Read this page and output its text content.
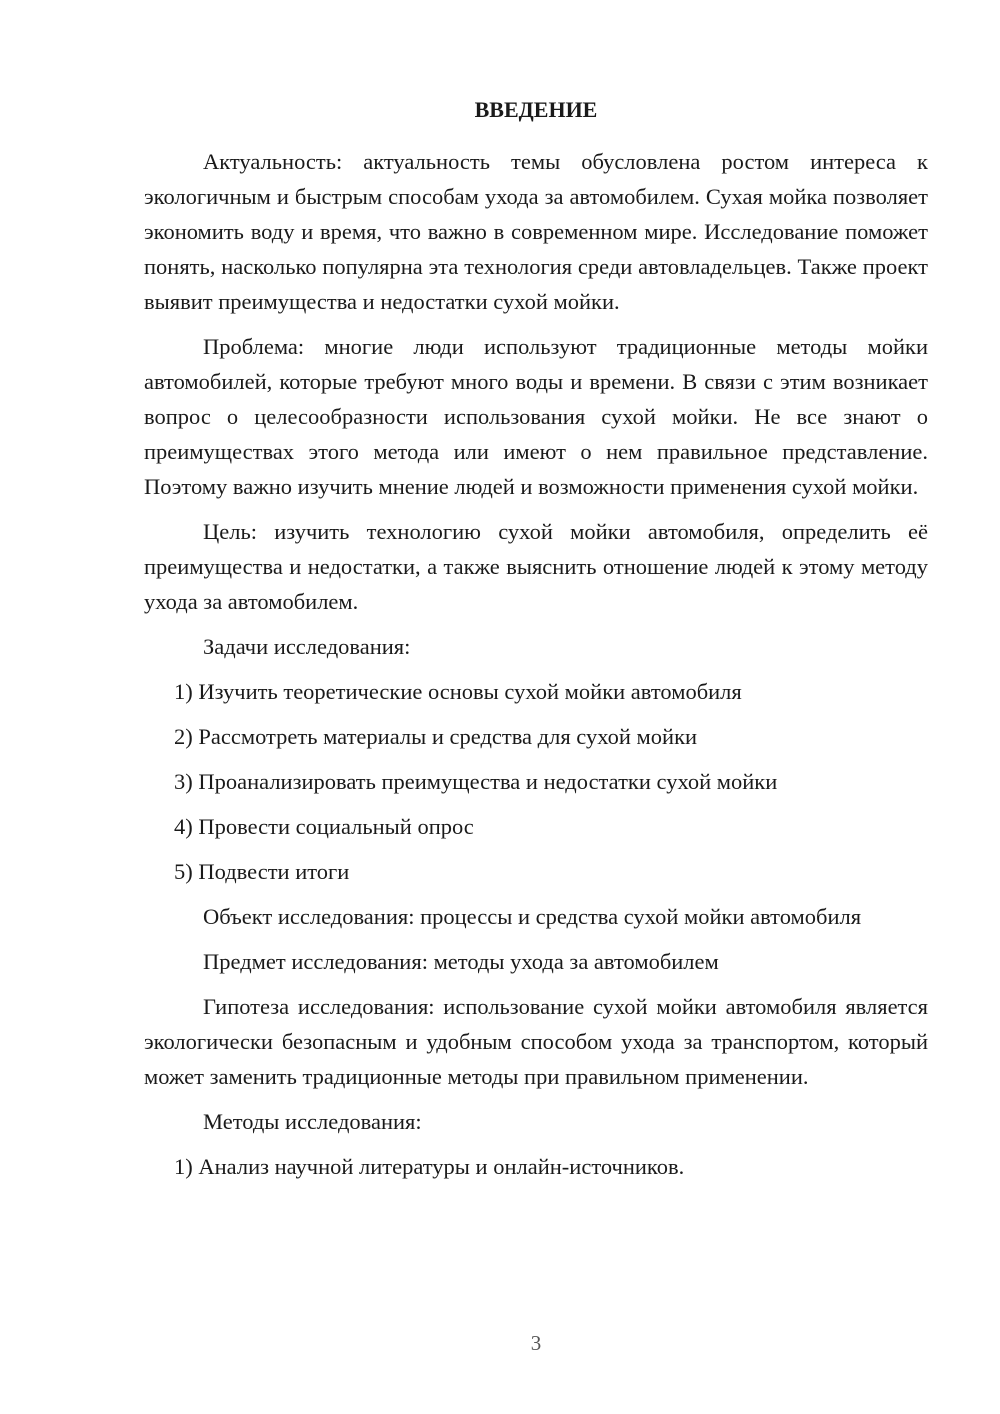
ВВЕДЕНИЕ

Актуальность: актуальность темы обусловлена ростом интереса к экологичным и быстрым способам ухода за автомобилем. Сухая мойка позволяет экономить воду и время, что важно в современном мире. Исследование поможет понять, насколько популярна эта технология среди автовладельцев. Также проект выявит преимущества и недостатки сухой мойки.

Проблема: многие люди используют традиционные методы мойки автомобилей, которые требуют много воды и времени. В связи с этим возникает вопрос о целесообразности использования сухой мойки. Не все знают о преимуществах этого метода или имеют о нем правильное представление. Поэтому важно изучить мнение людей и возможности применения сухой мойки.

Цель: изучить технологию сухой мойки автомобиля, определить её преимущества и недостатки, а также выяснить отношение людей к этому методу ухода за автомобилем.

Задачи исследования:

1) Изучить теоретические основы сухой мойки автомобиля
2) Рассмотреть материалы и средства для сухой мойки
3) Проанализировать преимущества и недостатки сухой мойки
4) Провести социальный опрос
5) Подвести итоги

Объект исследования: процессы и средства сухой мойки автомобиля

Предмет исследования: методы ухода за автомобилем

Гипотеза исследования: использование сухой мойки автомобиля является экологически безопасным и удобным способом ухода за транспортом, который может заменить традиционные методы при правильном применении.

Методы исследования:

1) Анализ научной литературы и онлайн-источников.
3
